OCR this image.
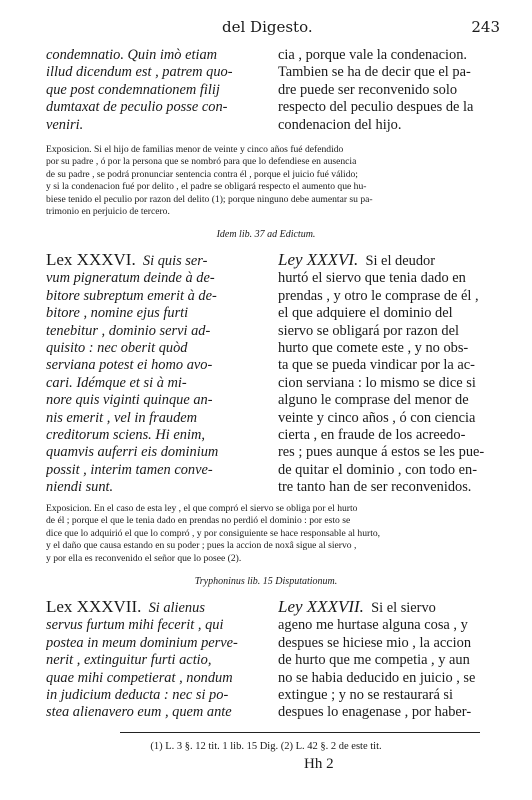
del Digesto.	243
condemnatio. Quin imò etiam
illud dicendum est , patrem quo-
que post condemnationem filij
dumtaxat de peculio posse con-
veniri.
cia , porque vale la condenacion.
Tambien se ha de decir que el pa-
dre puede ser reconvenido solo
respecto del peculio despues de la
condenacion del hijo.
Exposicion. Si el hijo de familias menor de veinte y cinco años fué defendido
por su padre , ó por la persona que se nombró para que lo defendiese en ausencia
de su padre , se podrá pronunciar sentencia contra él , porque el juicio fué válido;
y si la condenacion fué por delito , el padre se obligará respecto el aumento que hu-
biese tenido el peculio por razon del delito (1); porque ninguno debe aumentar su pa-
trimonio en perjuicio de tercero.
Idem lib. 37 ad Edictum.
Lex XXXVI. Si quis ser-
vum pigneratum deinde à de-
bitore subreptum emerit à de-
bitore , nomine ejus furti
tenebitur , dominio servi ad-
quisito : nec oberit quòd
serviana potest ei homo avo-
cari. Idémque et si à mi-
nore quis viginti quinque an-
nis emerit , vel in fraudem
creditorum sciens. Hi enim,
quamvis auferri eis dominium
possit , interim tamen conve-
niendi sunt.
Ley XXXVI. Si el deudor
hurtó el siervo que tenia dado en
prendas , y otro le comprase de él ,
el que adquiere el dominio del
siervo se obligará por razon del
hurto que comete este , y no obs-
ta que se pueda vindicar por la ac-
cion serviana : lo mismo se dice si
alguno le comprase del menor de
veinte y cinco años , ó con ciencia
cierta , en fraude de los acreedo-
res ; pues aunque á estos se les pue-
de quitar el dominio , con todo en-
tre tanto han de ser reconvenidos.
Exposicion. En el caso de esta ley , el que compró el siervo se obliga por el hurto
de él ; porque el que le tenia dado en prendas no perdió el dominio : por esto se
dice que lo adquirió el que lo compró , y por consiguiente se hace responsable al hurto,
y el daño que causa estando en su poder ; pues la accion de noxâ sigue al siervo ,
y por ella es reconvenido el señor que lo posee (2).
Tryphoninus lib. 15 Disputationum.
Lex XXXVII. Si alienus
servus furtum mihi fecerit , qui
postea in meum dominium perve-
nerit , extinguitur furti actio,
quae mihi competierat , nondum
in judicium deducta : nec si po-
stea alienavero eum , quem ante
Ley XXXVII. Si el siervo
ageno me hurtase alguna cosa , y
despues se hiciese mio , la accion
de hurto que me competia , y aun
no se habia deducido en juicio , se
extingue ; y no se restaurará si
despues lo enagenase , por haber-
(1) L. 3 §. 12 tit. 1 lib. 15 Dig. (2) L. 42 §. 2 de este tit.
Hh 2
